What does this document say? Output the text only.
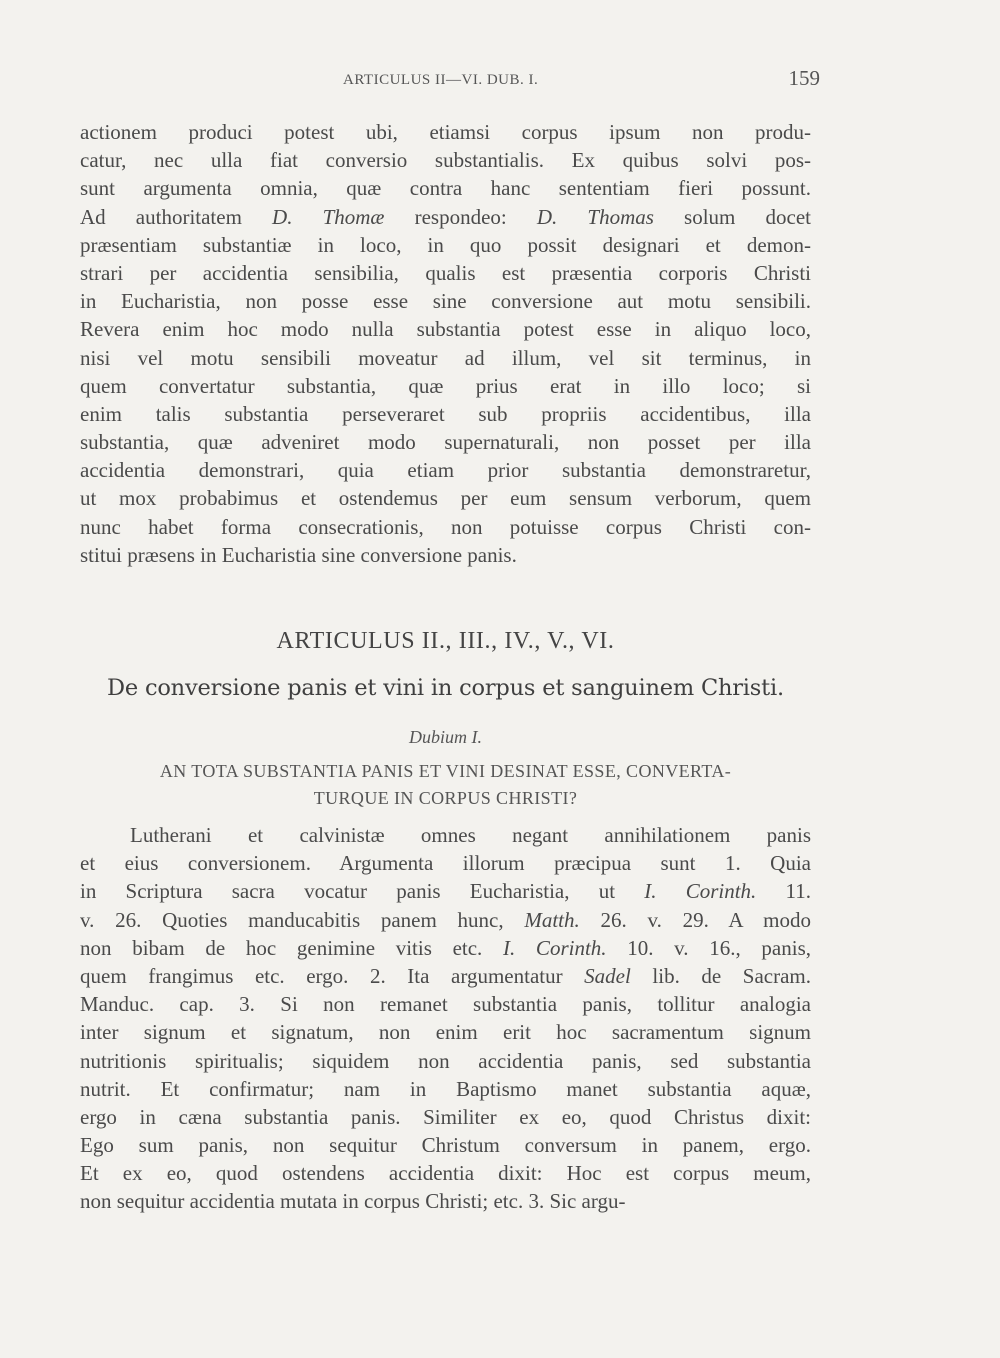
ARTICULUS II—VI. DUB. I.	159
actionem produci potest ubi, etiamsi corpus ipsum non produ-
catur, nec ulla fiat conversio substantialis. Ex quibus solvi pos-
sunt argumenta omnia, quæ contra hanc sententiam fieri possunt.
Ad authoritatem D. Thomæ respondeo: D. Thomas solum docet
præsentiam substantiæ in loco, in quo possit designari et demon-
strari per accidentia sensibilia, qualis est præsentia corporis Christi
in Eucharistia, non posse esse sine conversione aut motu sensibili.
Revera enim hoc modo nulla substantia potest esse in aliquo loco,
nisi vel motu sensibili moveatur ad illum, vel sit terminus, in
quem convertatur substantia, quæ prius erat in illo loco; si
enim talis substantia perseveraret sub propriis accidentibus, illa
substantia, quæ adveniret modo supernaturali, non posset per illa
accidentia demonstrari, quia etiam prior substantia demonstraretur,
ut mox probabimus et ostendemus per eum sensum verborum, quem
nunc habet forma consecrationis, non potuisse corpus Christi con-
stitui præsens in Eucharistia sine conversione panis.
ARTICULUS II., III., IV., V., VI.
De conversione panis et vini in corpus et sanguinem Christi.
Dubium I.
AN TOTA SUBSTANTIA PANIS ET VINI DESINAT ESSE, CONVERTA-
TURQUE IN CORPUS CHRISTI?
Lutherani et calvinistæ omnes negant annihilationem panis
et eius conversionem. Argumenta illorum præcipua sunt 1. Quia
in Scriptura sacra vocatur panis Eucharistia, ut I. Corinth. 11.
v. 26. Quoties manducabitis panem hunc, Matth. 26. v. 29. A modo
non bibam de hoc genimine vitis etc. I. Corinth. 10. v. 16., panis,
quem frangimus etc. ergo. 2. Ita argumentatur Sadel lib. de Sacram.
Manduc. cap. 3. Si non remanet substantia panis, tollitur analogia
inter signum et signatum, non enim erit hoc sacramentum signum
nutritionis spiritualis; siquidem non accidentia panis, sed substantia
nutrit. Et confirmatur; nam in Baptismo manet substantia aquæ,
ergo in cæna substantia panis. Similiter ex eo, quod Christus dixit:
Ego sum panis, non sequitur Christum conversum in panem, ergo.
Et ex eo, quod ostendens accidentia dixit: Hoc est corpus meum,
non sequitur accidentia mutata in corpus Christi; etc. 3. Sic argu-
